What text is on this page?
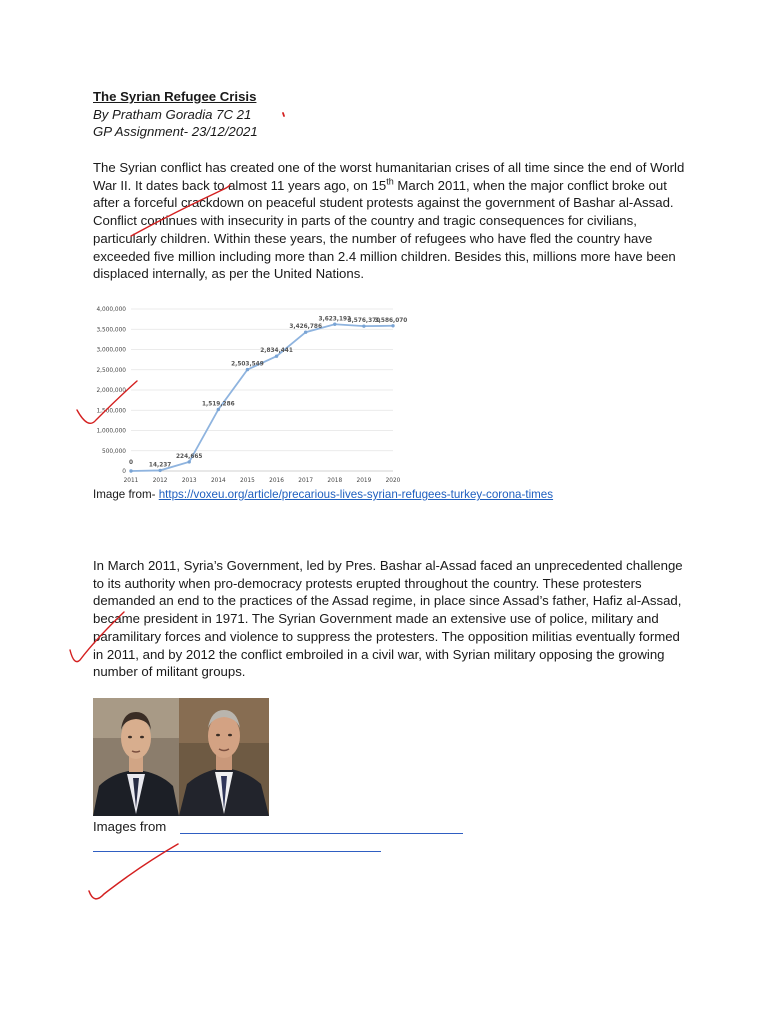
The Syrian Refugee Crisis
By Pratham Goradia 7C 21
GP Assignment- 23/12/2021

The Syrian conflict has created one of the worst humanitarian crises of all time since the end of World War II. It dates back to almost 11 years ago, on 15th March 2011, when the major conflict broke out after a forceful crackdown on peaceful student protests against the government of Bashar al-Assad. Conflict continues with insecurity in parts of the country and tragic consequences for civilians, particularly children. Within these years, the number of refugees who have fled the country have exceeded five million including more than 2.4 million children. Besides this, millions more have been displaced internally, as per the United Nations.

0
500,000
1,000,000
1,500,000
2,000,000
2,500,000
3,000,000
3,500,000
4,000,000
2011 2012 2013 2014 2015 2016 2017 2018 2019 2020
0	14,237
224,665
1,519,286
2,503,549
2,834,441
3,426,786
3,623,192
3,576,370
3,586,070
Image from- https://voxeu.org/article/precarious-lives-syrian-refugees-turkey-corona-times

In March 2011, Syria’s Government, led by Pres. Bashar al-Assad faced an unprecedented challenge to its authority when pro-democracy protests erupted throughout the country. These protesters demanded an end to the practices of the Assad regime, in place since Assad’s father, Hafiz al-Assad, became president in 1971. The Syrian Government made an extensive use of police, military and paramilitary forces and violence to suppress the protesters. The opposition militias eventually formed in 2011, and by 2012 the conflict embroiled in a civil war, with Syrian military opposing the growing number of militant groups.

Images from
